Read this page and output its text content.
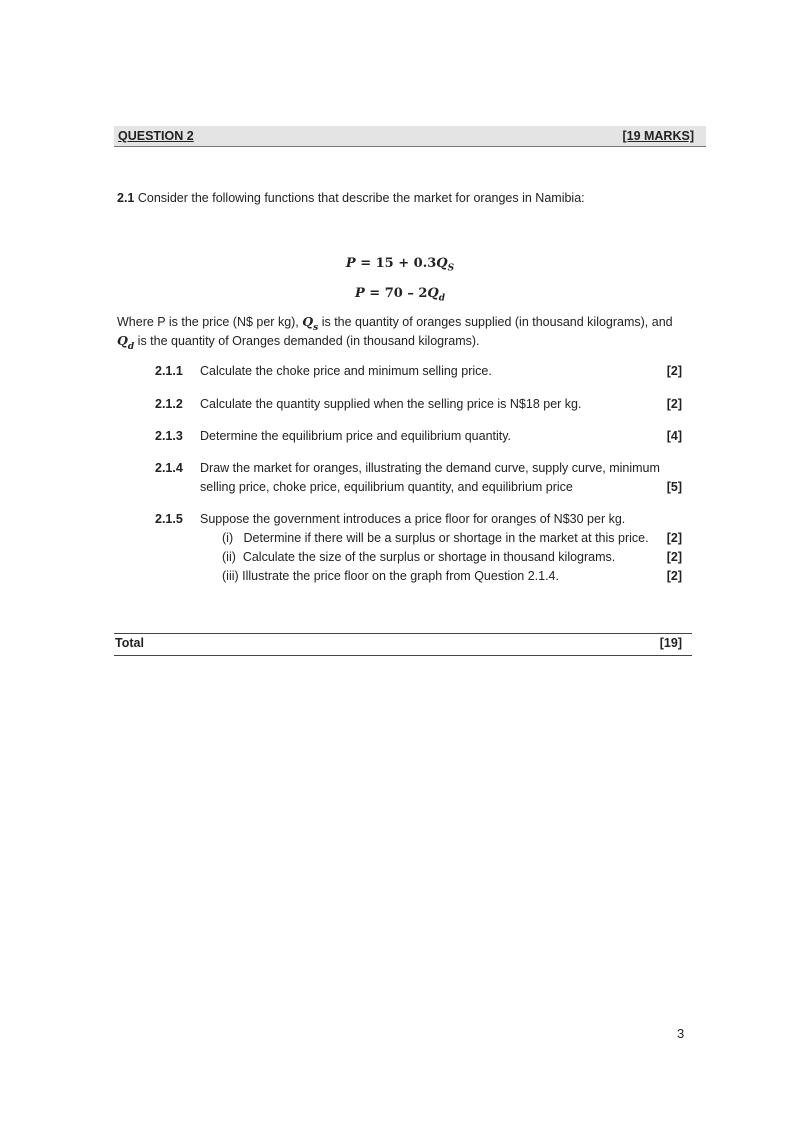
QUESTION 2	[19 MARKS]
2.1 Consider the following functions that describe the market for oranges in Namibia:
$P = 15 + 0.3Q_S$
$P = 70 - 2Q_d$
Where P is the price (N$ per kg), $Q_s$ is the quantity of oranges supplied (in thousand kilograms), and
$Q_d$ is the quantity of Oranges demanded (in thousand kilograms).
2.1.1 Calculate the choke price and minimum selling price.	[2]
2.1.2 Calculate the quantity supplied when the selling price is N$18 per kg.	[2]
2.1.3 Determine the equilibrium price and equilibrium quantity.	[4]
2.1.4 Draw the market for oranges, illustrating the demand curve, supply curve, minimum
selling price, choke price, equilibrium quantity, and equilibrium price	[5]
2.1.5 Suppose the government introduces a price floor for oranges of N$30 per kg.
(i)   Determine if there will be a surplus or shortage in the market at this price. [2]
(ii)  Calculate the size of the surplus or shortage in thousand kilograms.	[2]
(iii) Illustrate the price floor on the graph from Question 2.1.4.	[2]
Total	[19]
3
